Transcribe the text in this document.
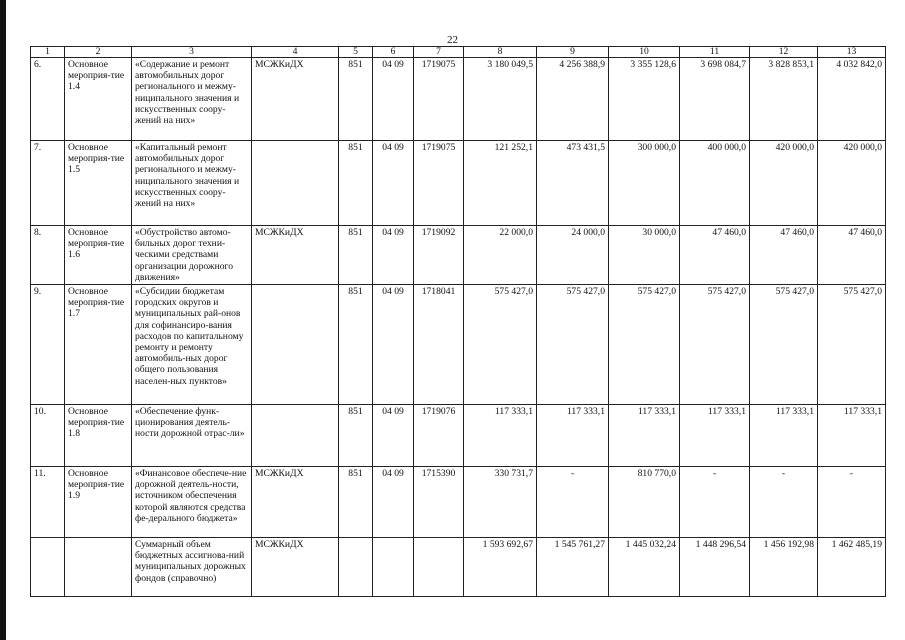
22
1	2	3	4	5	6	7	8	9	10	11	12	13
6.	Основное мероприя-тие 1.4	«Содержание и ремонт автомобильных дорог регионального и межму-ниципального значения и искусственных соору-жений на них»	МСЖКиДХ	851	04 09	1719075	3 180 049,5	4 256 388,9	3 355 128,6	3 698 084,7	3 828 853,1	4 032 842,0
7.	Основное мероприя-тие 1.5	«Капитальный ремонт автомобильных дорог регионального и межму-ниципального значения и искусственных соору-жений на них»		851	04 09	1719075	121 252,1	473 431,5	300 000,0	400 000,0	420 000,0	420 000,0
8.	Основное мероприя-тие 1.6	«Обустройство автомо-бильных дорог техни-ческими средствами организации дорожного движения»	МСЖКиДХ	851	04 09	1719092	22 000,0	24 000,0	30 000,0	47 460,0	47 460,0	47 460,0
9.	Основное мероприя-тие 1.7	«Субсидии бюджетам городских округов и муниципальных рай-онов для софинансиро-вания расходов по капитальному ремонту и ремонту автомобиль-ных дорог общего пользования населен-ных пунктов»		851	04 09	1718041	575 427,0	575 427,0	575 427,0	575 427,0	575 427,0	575 427,0
10.	Основное мероприя-тие 1.8	«Обеспечение функ-ционирования деятель-ности дорожной отрас-ли»		851	04 09	1719076	117 333,1	117 333,1	117 333,1	117 333,1	117 333,1	117 333,1
11.	Основное мероприя-тие 1.9	«Финансовое обеспече-ние дорожной деятель-ности, источником обеспечения которой являются средства фе-дерального бюджета»	МСЖКиДХ	851	04 09	1715390	330 731,7	-	810 770,0	-	-	-
		Суммарный объем бюджетных ассигнова-ний муниципальных дорожных фондов (справочно)	МСЖКиДХ				1 593 692,67	1 545 761,27	1 445 032,24	1 448 296,54	1 456 192,98	1 462 485,19
